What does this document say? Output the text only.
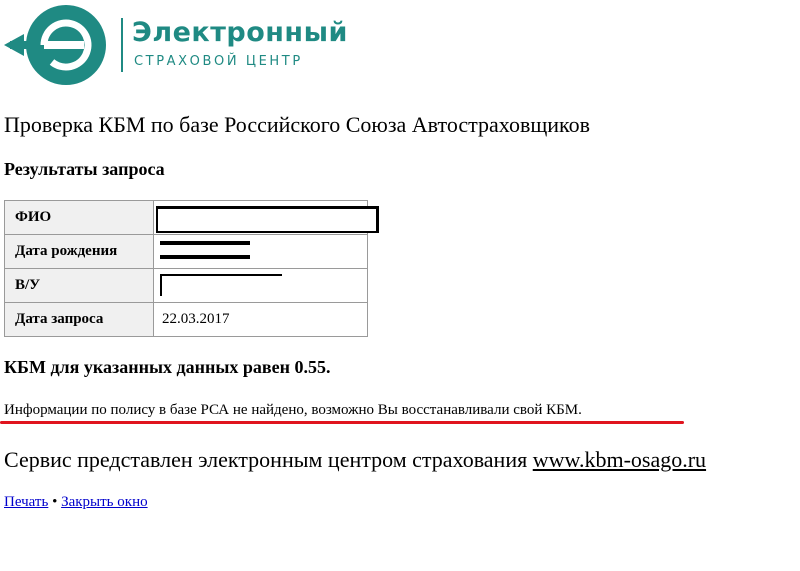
Электронный
СТРАХОВОЙ ЦЕНТР
Проверка КБМ по базе Российского Союза Автостраховщиков
Результаты запроса
ФИО	

Дата рождения	

В/У	

Дата запроса	22.03.2017
КБМ для указанных данных равен 0.55.
Информации по полису в базе РСА не найдено, возможно Вы восстанавливали свой КБМ.
Сервис представлен электронным центром страхования www.kbm-osago.ru
Печать • Закрыть окно
